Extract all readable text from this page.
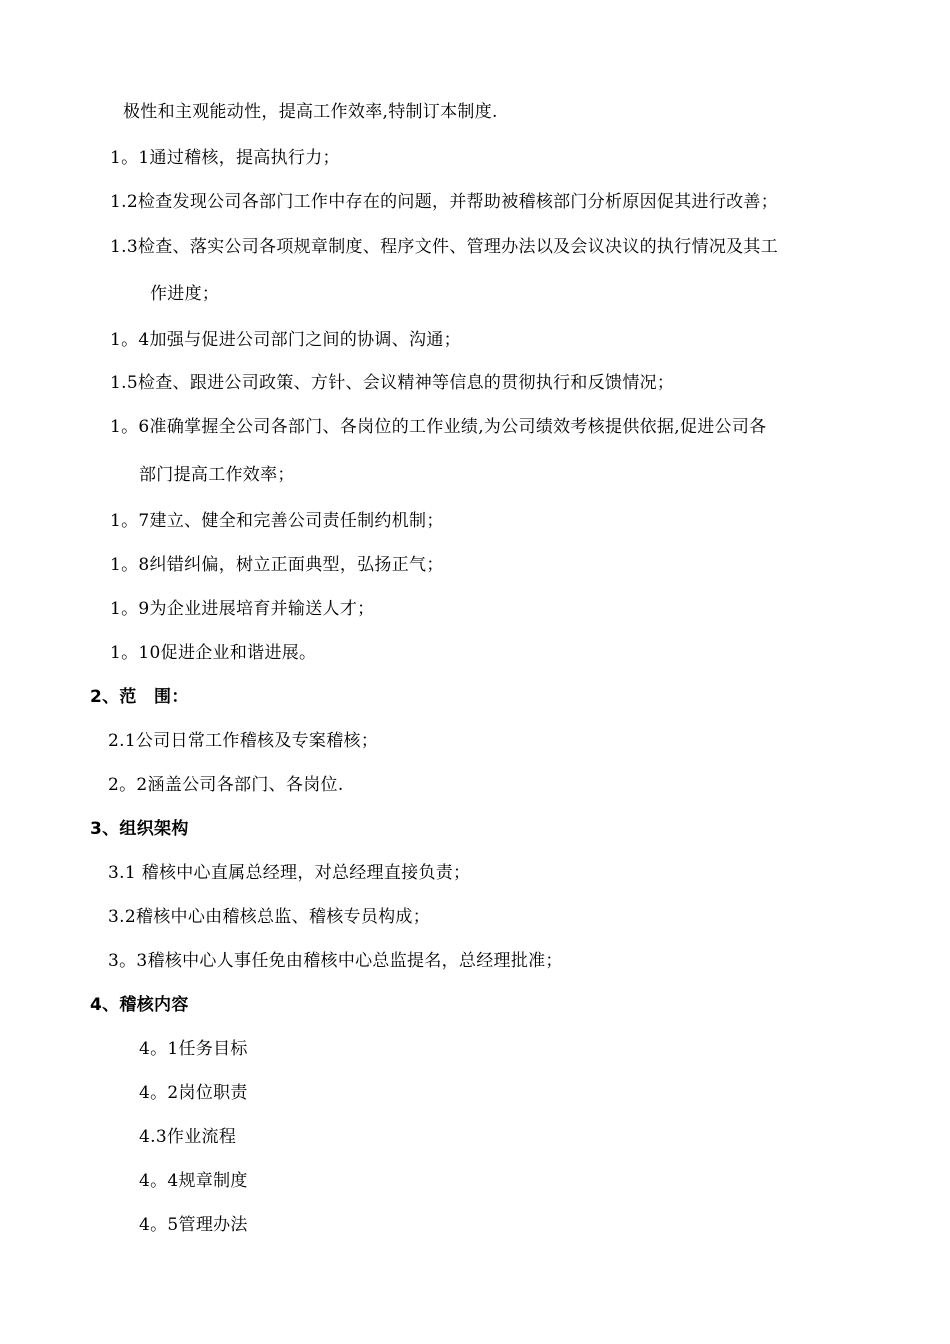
极性和主观能动性，提高工作效率,特制订本制度.
1。1通过稽核，提高执行力；
1.2检查发现公司各部门工作中存在的问题，并帮助被稽核部门分析原因促其进行改善；
1.3检查、落实公司各项规章制度、程序文件、管理办法以及会议决议的执行情况及其工
作进度；
1。4加强与促进公司部门之间的协调、沟通；
1.5检查、跟进公司政策、方针、会议精神等信息的贯彻执行和反馈情况；
1。6准确掌握全公司各部门、各岗位的工作业绩,为公司绩效考核提供依据,促进公司各
部门提高工作效率；
1。7建立、健全和完善公司责任制约机制；
1。8纠错纠偏，树立正面典型，弘扬正气；
1。9为企业进展培育并输送人才；
1。10促进企业和谐进展。
2、范　围：
2.1公司日常工作稽核及专案稽核；
2。2涵盖公司各部门、各岗位.
3、组织架构
3.1 稽核中心直属总经理，对总经理直接负责；
3.2稽核中心由稽核总监、稽核专员构成；
3。3稽核中心人事任免由稽核中心总监提名，总经理批准；
4、稽核内容
4。1任务目标
4。2岗位职责
4.3作业流程
4。4规章制度
4。5管理办法
